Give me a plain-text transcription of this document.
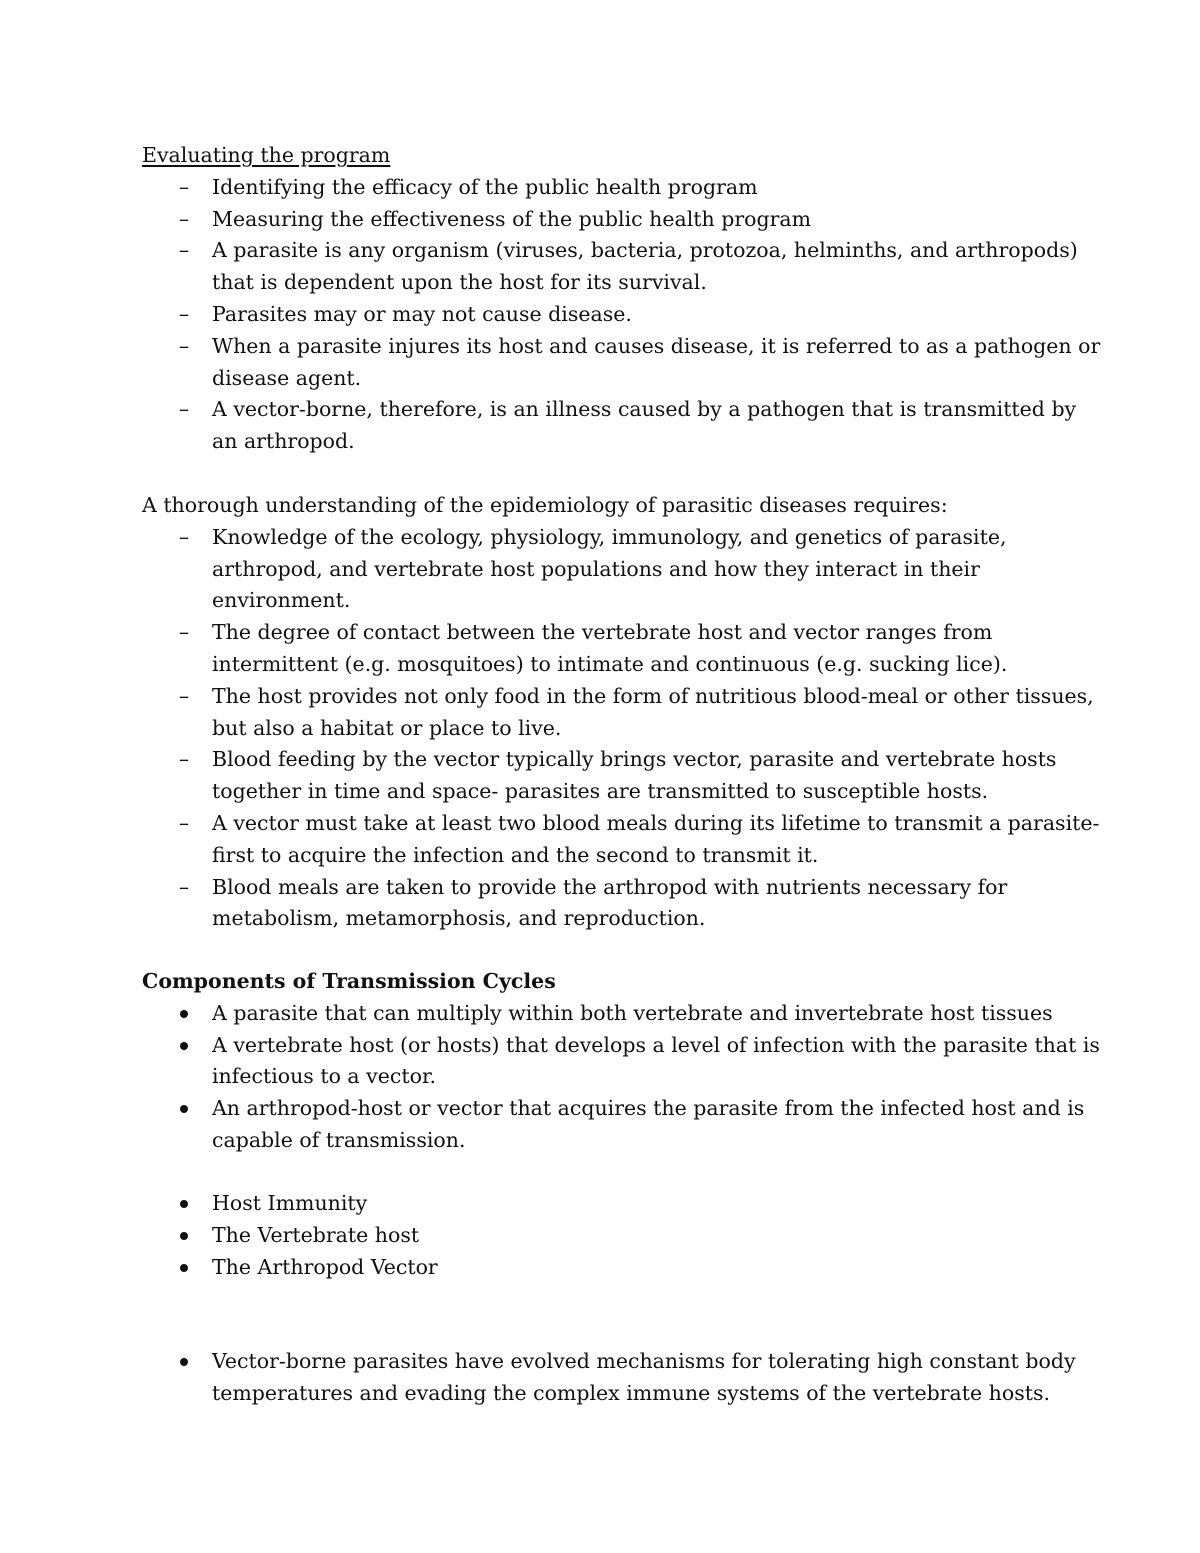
Evaluating the program
–
Identifying the efficacy of the public health program
–
Measuring the effectiveness of the public health program
–
A parasite is any organism (viruses, bacteria, protozoa, helminths, and arthropods) that is dependent upon the host for its survival.
–
Parasites may or may not cause disease.
–
When a parasite injures its host and causes disease, it is referred to as a pathogen or disease agent.
–
A vector-borne, therefore, is an illness caused by a pathogen that is transmitted by an arthropod.
A thorough understanding of the epidemiology of parasitic diseases requires:
–
Knowledge of the ecology, physiology, immunology, and genetics of parasite, arthropod, and vertebrate host populations and how they interact in their environment.
–
The degree of contact between the vertebrate host and vector ranges from intermittent (e.g. mosquitoes) to intimate and continuous (e.g. sucking lice).
–
The host provides not only food in the form of nutritious blood-meal or other tissues, but also a habitat or place to live.
–
Blood feeding by the vector typically brings vector, parasite and vertebrate hosts together in time and space- parasites are transmitted to susceptible hosts.
–
A vector must take at least two blood meals during its lifetime to transmit a parasite- first to acquire the infection and the second to transmit it.
–
Blood meals are taken to provide the arthropod with nutrients necessary for metabolism, metamorphosis, and reproduction.
Components of Transmission Cycles
A parasite that can multiply within both vertebrate and invertebrate host tissues
A vertebrate host (or hosts) that develops a level of infection with the parasite that is infectious to a vector.
An arthropod-host or vector that acquires the parasite from the infected host and is capable of transmission.
Host Immunity
The Vertebrate host
The Arthropod Vector
Vector-borne parasites have evolved mechanisms for tolerating high constant body temperatures and evading the complex immune systems of the vertebrate hosts.
